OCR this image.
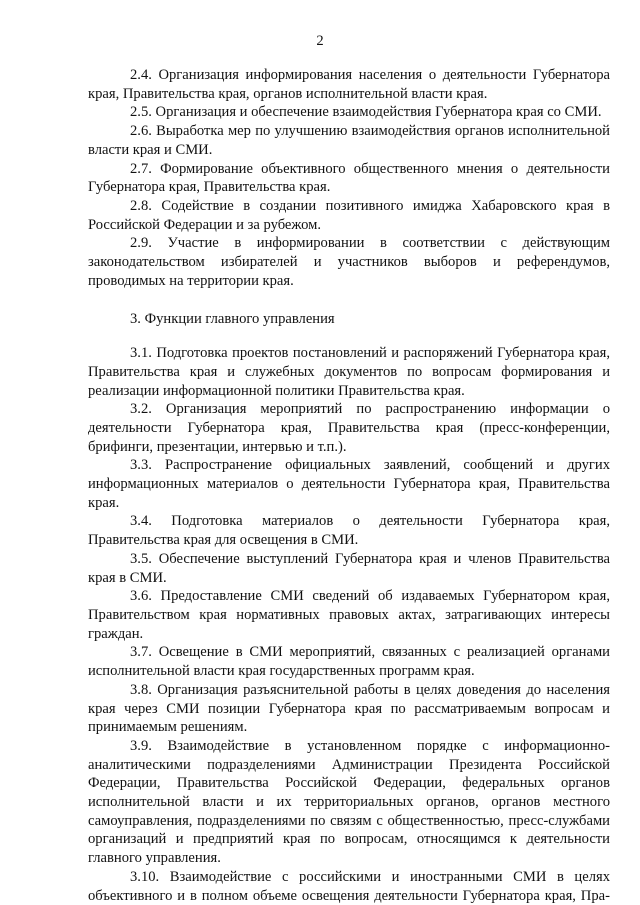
2

2.4. Организация информирования населения о деятельности Губернатора края, Правительства края, органов исполнительной власти края.

2.5. Организация и обеспечение взаимодействия Губернатора края со СМИ.

2.6. Выработка мер по улучшению взаимодействия органов исполнительной власти края и СМИ.

2.7. Формирование объективного общественного мнения о деятельности Губернатора края, Правительства края.

2.8. Содействие в создании позитивного имиджа Хабаровского края в Российской Федерации и за рубежом.

2.9. Участие в информировании в соответствии с действующим законодательством избирателей и участников выборов и референдумов, проводимых на территории края.

3. Функции главного управления

3.1. Подготовка проектов постановлений и распоряжений Губернатора края, Правительства края и служебных документов по вопросам формирования и реализации информационной политики Правительства края.

3.2. Организация мероприятий по распространению информации о деятельности Губернатора края, Правительства края (пресс-конференции, брифинги, презентации, интервью и т.п.).

3.3. Распространение официальных заявлений, сообщений и других информационных материалов о деятельности Губернатора края, Правительства края.

3.4. Подготовка материалов о деятельности Губернатора края, Правительства края для освещения в СМИ.

3.5. Обеспечение выступлений Губернатора края и членов Правительства края в СМИ.

3.6. Предоставление СМИ сведений об издаваемых Губернатором края, Правительством края нормативных правовых актах, затрагивающих интересы граждан.

3.7. Освещение в СМИ мероприятий, связанных с реализацией органами исполнительной власти края государственных программ края.

3.8. Организация разъяснительной работы в целях доведения до населения края через СМИ позиции Губернатора края по рассматриваемым вопросам и принимаемым решениям.

3.9. Взаимодействие в установленном порядке с информационно-аналитическими подразделениями Администрации Президента Российской Федерации, Правительства Российской Федерации, федеральных органов исполнительной власти и их территориальных органов, органов местного самоуправления, подразделениями по связям с общественностью, пресс-службами организаций и предприятий края по вопросам, относящимся к деятельности главного управления.

3.10. Взаимодействие с российскими и иностранными СМИ в целях объективного и в полном объеме освещения деятельности Губернатора края, Пра-
